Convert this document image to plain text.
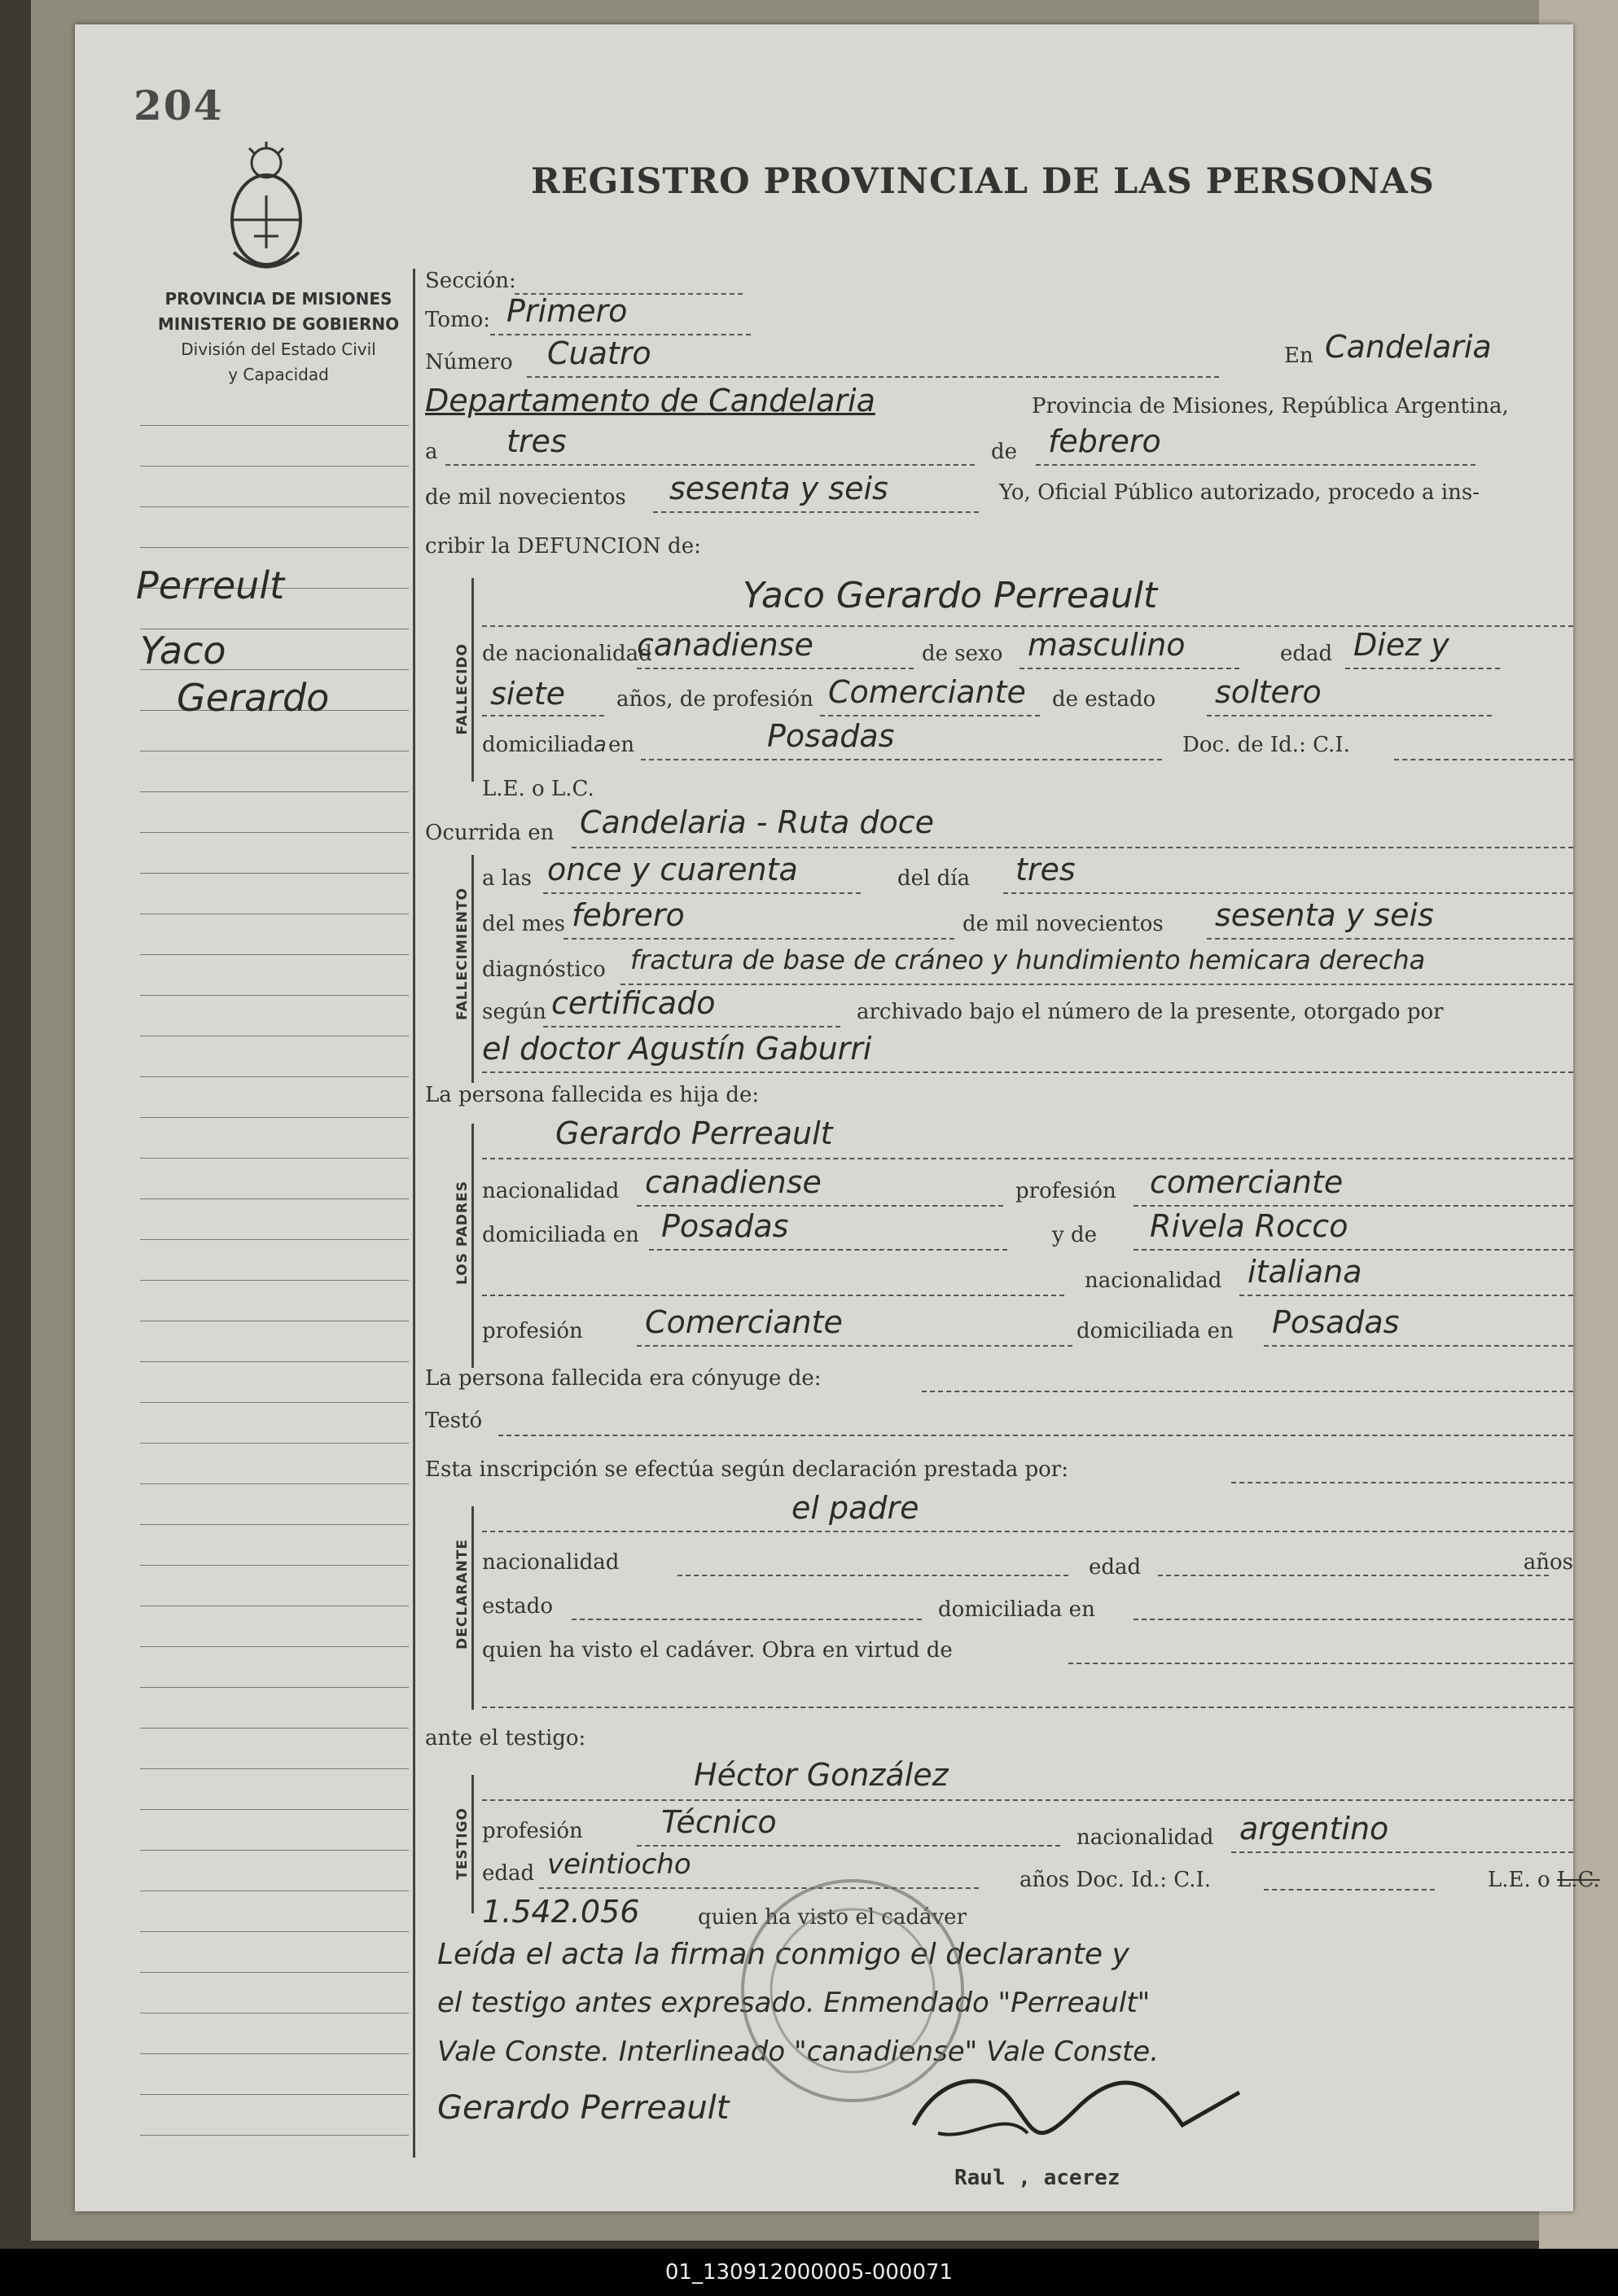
204
REGISTRO PROVINCIAL DE LAS PERSONAS
PROVINCIA DE MISIONES
MINISTERIO DE GOBIERNO
División del Estado Civil
y Capacidad
Perreult
Yaco
Gerardo
Sección:
Tomo: Primero
Número Cuatro	En Candelaria
Departamento de Candelaria	Provincia de Misiones, República Argentina,
a tres	de febrero
de mil novecientos sesenta y seis	Yo, Oficial Público autorizado, procedo a ins-
cribir la DEFUNCION de:
FALLECIDO
Yaco Gerardo Perreault
de nacionalidad
canadiense	de sexo masculino	edad Diez y
siete años, de profesión Comerciante de estado soltero
domiciliada en	Posadas	Doc. de Id.: C.I.
L.E. o L.C.
Ocurrida en Candelaria - Ruta doce
FALLECIMIENTO
a las once y cuarenta	del día tres
del mes febrero	de mil novecientos sesenta y seis
diagnóstico fractura de base de cráneo y hundimiento hemicara derecha
según certificado	archivado bajo el número de la presente, otorgado por
el doctor Agustín Gaburri
La persona fallecida es hija de:
LOS PADRES
Gerardo Perreault
nacionalidad canadiense	profesión comerciante
domiciliada en Posadas	y de Rivela Rocco
nacionalidad italiana
profesión Comerciante	domiciliada en Posadas
La persona fallecida era cónyuge de:
Testó
Esta inscripción se efectúa según declaración prestada por:
DECLARANTE
el padre
nacionalidad	edad	años
estado	domiciliada en
quien ha visto el cadáver. Obra en virtud de
ante el testigo:
TESTIGO
Héctor González
profesión	Técnico	nacionalidad argentino
edad veintiocho	años Doc. Id.: C.I.	L.E. o L.C.
1.542.056	quien ha visto el cadáver
Leída el acta la firman conmigo el declarante y
el testigo antes expresado. Enmendado "Perreault"
Vale Conste. Interlineado "canadiense" Vale Conste.
Gerardo Perreault
Raul , acerez
01_130912000005-000071
